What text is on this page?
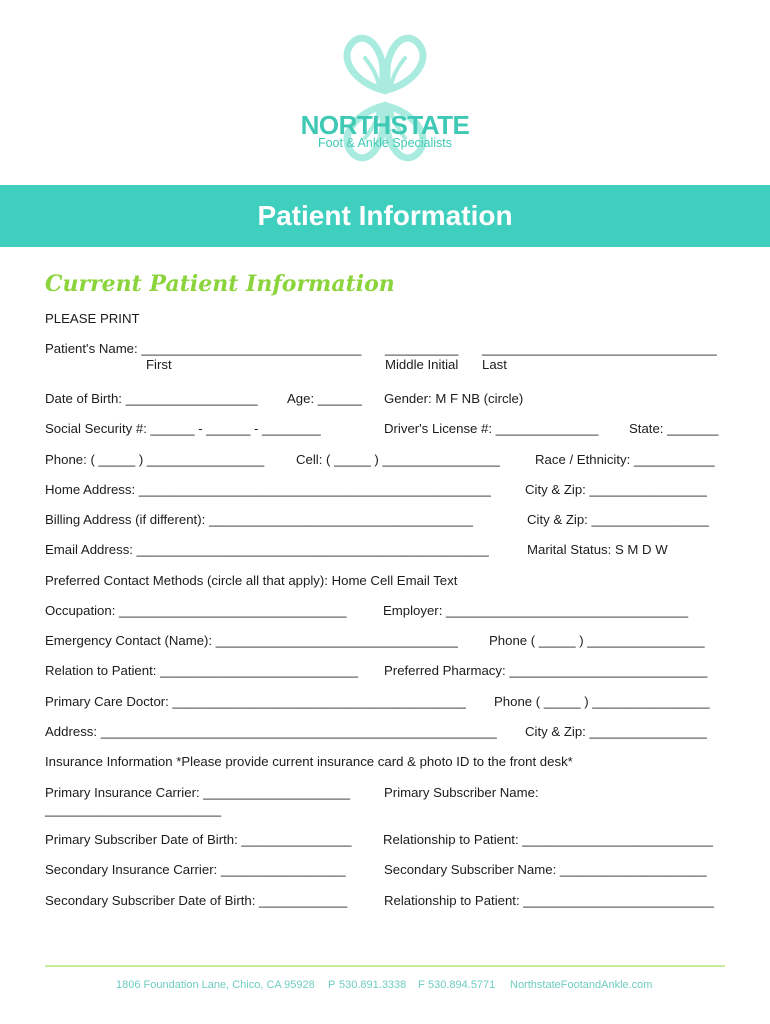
NORTHSTATE
Foot & Ankle Specialists
Patient Information
Current Patient Information
PLEASE PRINT
Patient's Name: ______________________________ __________ ________________________________
First	Middle Initial Last
Date of Birth: __________________ Age: ______ Gender: M F NB (circle)
Social Security #: ______ - ______ - ________	Driver's License #: ______________ State: _______
Phone: ( _____ ) ________________ Cell: ( _____ ) ________________	Race / Ethnicity: ___________
Home Address: ________________________________________________	City & Zip: ________________
Billing Address (if different): ____________________________________	City & Zip: ________________
Email Address: ________________________________________________	Marital Status: S M D W
Preferred Contact Methods (circle all that apply): Home Cell Email Text
Occupation: _______________________________	Employer: _________________________________
Emergency Contact (Name): _________________________________ Phone ( _____ ) ________________
Relation to Patient: ___________________________ Preferred Pharmacy: ___________________________
Primary Care Doctor: ________________________________________ Phone ( _____ ) ________________
Address: ______________________________________________________ City & Zip: ________________
Insurance Information *Please provide current insurance card & photo ID to the front desk*
Primary Insurance Carrier: ____________________	Primary Subscriber Name:
________________________
Primary Subscriber Date of Birth: _______________ Relationship to Patient: __________________________
Secondary Insurance Carrier: _________________	Secondary Subscriber Name: ____________________
Secondary Subscriber Date of Birth: ____________	Relationship to Patient: __________________________
1806 Foundation Lane, Chico, CA 95928 P 530.891.3338 F 530.894.5771 NorthstateFootandAnkle.com
